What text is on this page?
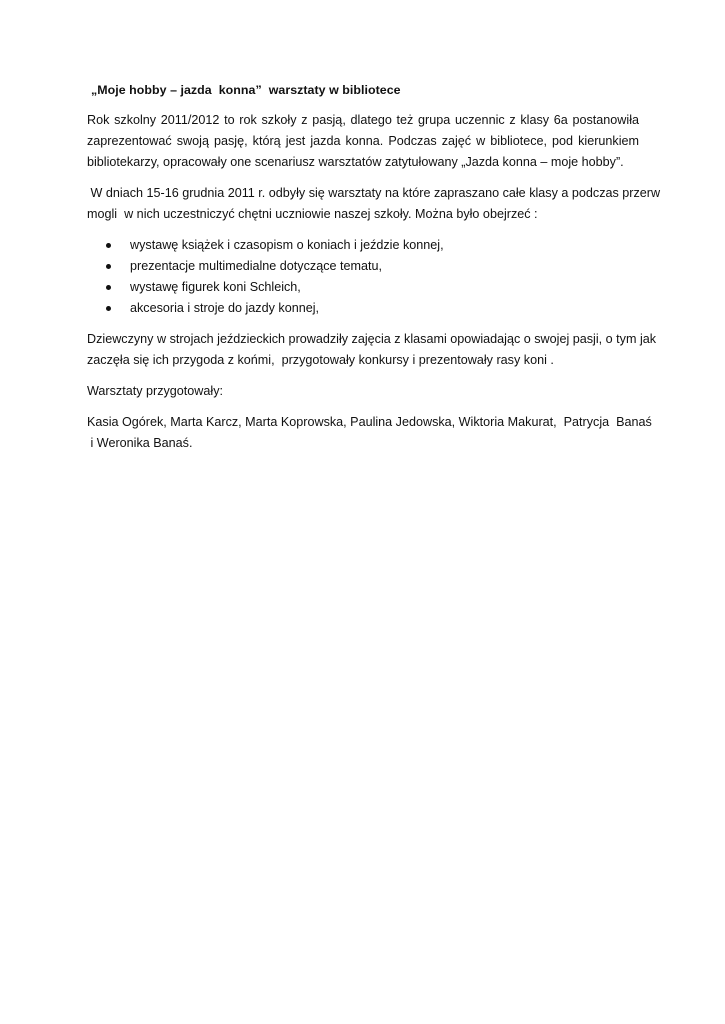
„Moje hobby – jazda  konna”  warsztaty w bibliotece
Rok szkolny 2011/2012 to rok szkoły z pasją, dlatego też grupa uczennic z klasy 6a postanowiła
zaprezentować swoją pasję, którą jest jazda konna. Podczas zajęć w bibliotece, pod kierunkiem
bibliotekarzy, opracowały one scenariusz warsztatów zatytułowany „Jazda konna – moje hobby”.
W dniach 15-16 grudnia 2011 r. odbyły się warsztaty na które zapraszano całe klasy a podczas przerw
mogli  w nich uczestniczyć chętni uczniowie naszej szkoły. Można było obejrzeć :
wystawę książek i czasopism o koniach i jeździe konnej,
prezentacje multimedialne dotyczące tematu,
wystawę figurek koni Schleich,
akcesoria i stroje do jazdy konnej,
Dziewczyny w strojach jeździeckich prowadziły zajęcia z klasami opowiadając o swojej pasji, o tym jak
zaczęła się ich przygoda z końmi,  przygotowały konkursy i prezentowały rasy koni .
Warsztaty przygotowały:
Kasia Ogórek, Marta Karcz, Marta Koprowska, Paulina Jedowska, Wiktoria Makurat,  Patrycja  Banaś
i Weronika Banaś.
